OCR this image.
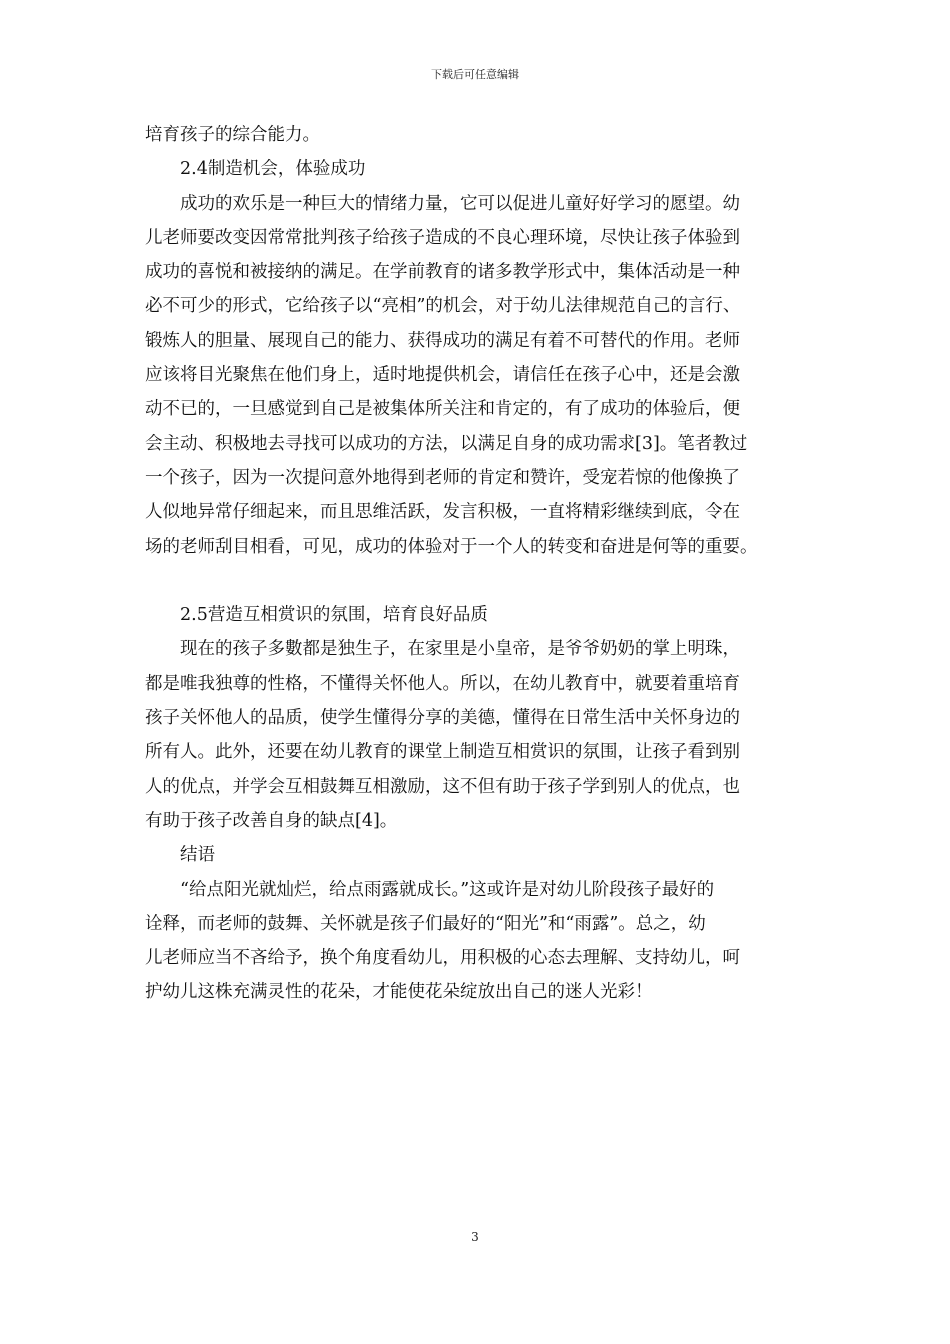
下载后可任意编辑
培育孩子的综合能力。
2.4制造机会，体验成功
成功的欢乐是一种巨大的情绪力量，它可以促进儿童好好学习的愿望。幼
儿老师要改变因常常批判孩子给孩子造成的不良心理环境，尽快让孩子体验到
成功的喜悦和被接纳的满足。在学前教育的诸多教学形式中，集体活动是一种
必不可少的形式，它给孩子以“亮相”的机会，对于幼儿法律规范自己的言行、
锻炼人的胆量、展现自己的能力、获得成功的满足有着不可替代的作用。老师
应该将目光聚焦在他们身上，适时地提供机会，请信任在孩子心中，还是会激
动不已的，一旦感觉到自己是被集体所关注和肯定的，有了成功的体验后，便
会主动、积极地去寻找可以成功的方法，以满足自身的成功需求[3]。笔者教过
一个孩子，因为一次提问意外地得到老师的肯定和赞许，受宠若惊的他像换了
人似地异常仔细起来，而且思维活跃，发言积极，一直将精彩继续到底，令在
场的老师刮目相看，可见，成功的体验对于一个人的转变和奋进是何等的重要。
2.5营造互相赏识的氛围，培育良好品质
现在的孩子多數都是独生子，在家里是小皇帝，是爷爷奶奶的掌上明珠，
都是唯我独尊的性格，不懂得关怀他人。所以，在幼儿教育中，就要着重培育
孩子关怀他人的品质，使学生懂得分享的美德，懂得在日常生活中关怀身边的
所有人。此外，还要在幼儿教育的课堂上制造互相赏识的氛围，让孩子看到别
人的优点，并学会互相鼓舞互相激励，这不但有助于孩子学到别人的优点，也
有助于孩子改善自身的缺点[4]。
结语
“给点阳光就灿烂，给点雨露就成长。”这或许是对幼儿阶段孩子最好的
诠释，而老师的鼓舞、关怀就是孩子们最好的“阳光”和“雨露”。总之，幼
儿老师应当不吝给予，换个角度看幼儿，用积极的心态去理解、支持幼儿，呵
护幼儿这株充满灵性的花朵，才能使花朵绽放出自己的迷人光彩！
3
